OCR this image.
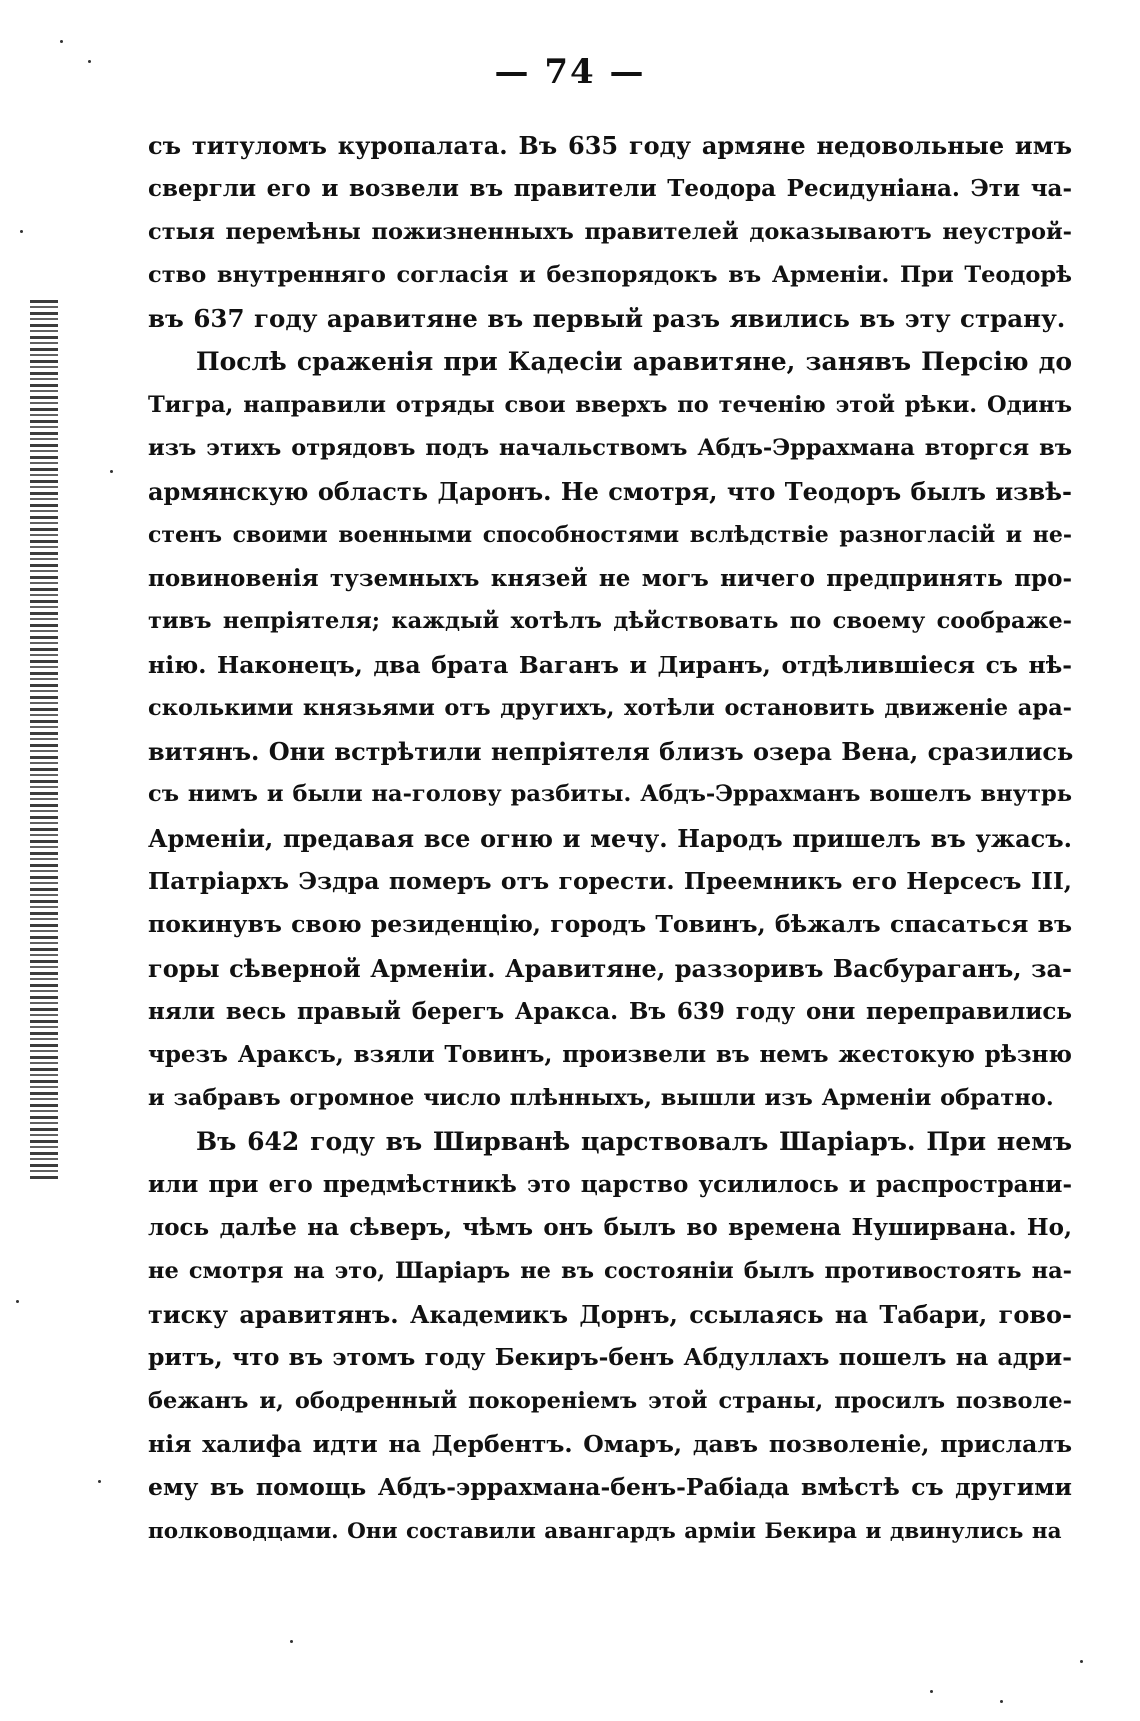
— 74 —
съ титуломъ куропалата. Въ 635 году армяне недовольные имъ
свергли его и возвели въ правители Теодора Ресидуніана. Эти ча-
стыя перемѣны пожизненныхъ правителей доказываютъ неустрой-
ство внутренняго согласія и безпорядокъ въ Арменіи. При Теодорѣ
въ 637 году аравитяне въ первый разъ явились въ эту страну.
Послѣ сраженія при Кадесіи аравитяне, занявъ Персію до
Тигра, направили отряды свои вверхъ по теченію этой рѣки. Одинъ
изъ этихъ отрядовъ подъ начальствомъ Абдъ-Эррахмана вторгся въ
армянскую область Даронъ. Не смотря, что Теодоръ былъ извѣ-
стенъ своими военными способностями вслѣдствіе разногласій и не-
повиновенія туземныхъ князей не могъ ничего предпринять про-
тивъ непріятеля; каждый хотѣлъ дѣйствовать по своему соображе-
нію. Наконецъ, два брата Ваганъ и Диранъ, отдѣлившіеся съ нѣ-
сколькими князьями отъ другихъ, хотѣли остановить движеніе ара-
витянъ. Они встрѣтили непріятеля близъ озера Вена, сразились
съ нимъ и были на-голову разбиты. Абдъ-Эррахманъ вошелъ внутрь
Арменіи, предавая все огню и мечу. Народъ пришелъ въ ужасъ.
Патріархъ Эздра померъ отъ горести. Преемникъ его Нерсесъ III,
покинувъ свою резиденцію, городъ Товинъ, бѣжалъ спасаться въ
горы сѣверной Арменіи. Аравитяне, раззоривъ Васбураганъ, за-
няли весь правый берегъ Аракса. Въ 639 году они переправились
чрезъ Араксъ, взяли Товинъ, произвели въ немъ жестокую рѣзню
и забравъ огромное число плѣнныхъ, вышли изъ Арменіи обратно.
Въ 642 году въ Ширванѣ царствовалъ Шаріаръ. При немъ
или при его предмѣстникѣ это царство усилилось и распространи-
лось далѣе на сѣверъ, чѣмъ онъ былъ во времена Нуширвана. Но,
не смотря на это, Шаріаръ не въ состояніи былъ противостоять на-
тиску аравитянъ. Академикъ Дорнъ, ссылаясь на Табари, гово-
ритъ, что въ этомъ году Бекиръ-бенъ Абдуллахъ пошелъ на адри-
бежанъ и, ободренный покореніемъ этой страны, просилъ позволе-
нія халифа идти на Дербентъ. Омаръ, давъ позволеніе, прислалъ
ему въ помощь Абдъ-эррахмана-бенъ-Рабіада вмѣстѣ съ другими
полководцами. Они составили авангардъ арміи Бекира и двинулись на
